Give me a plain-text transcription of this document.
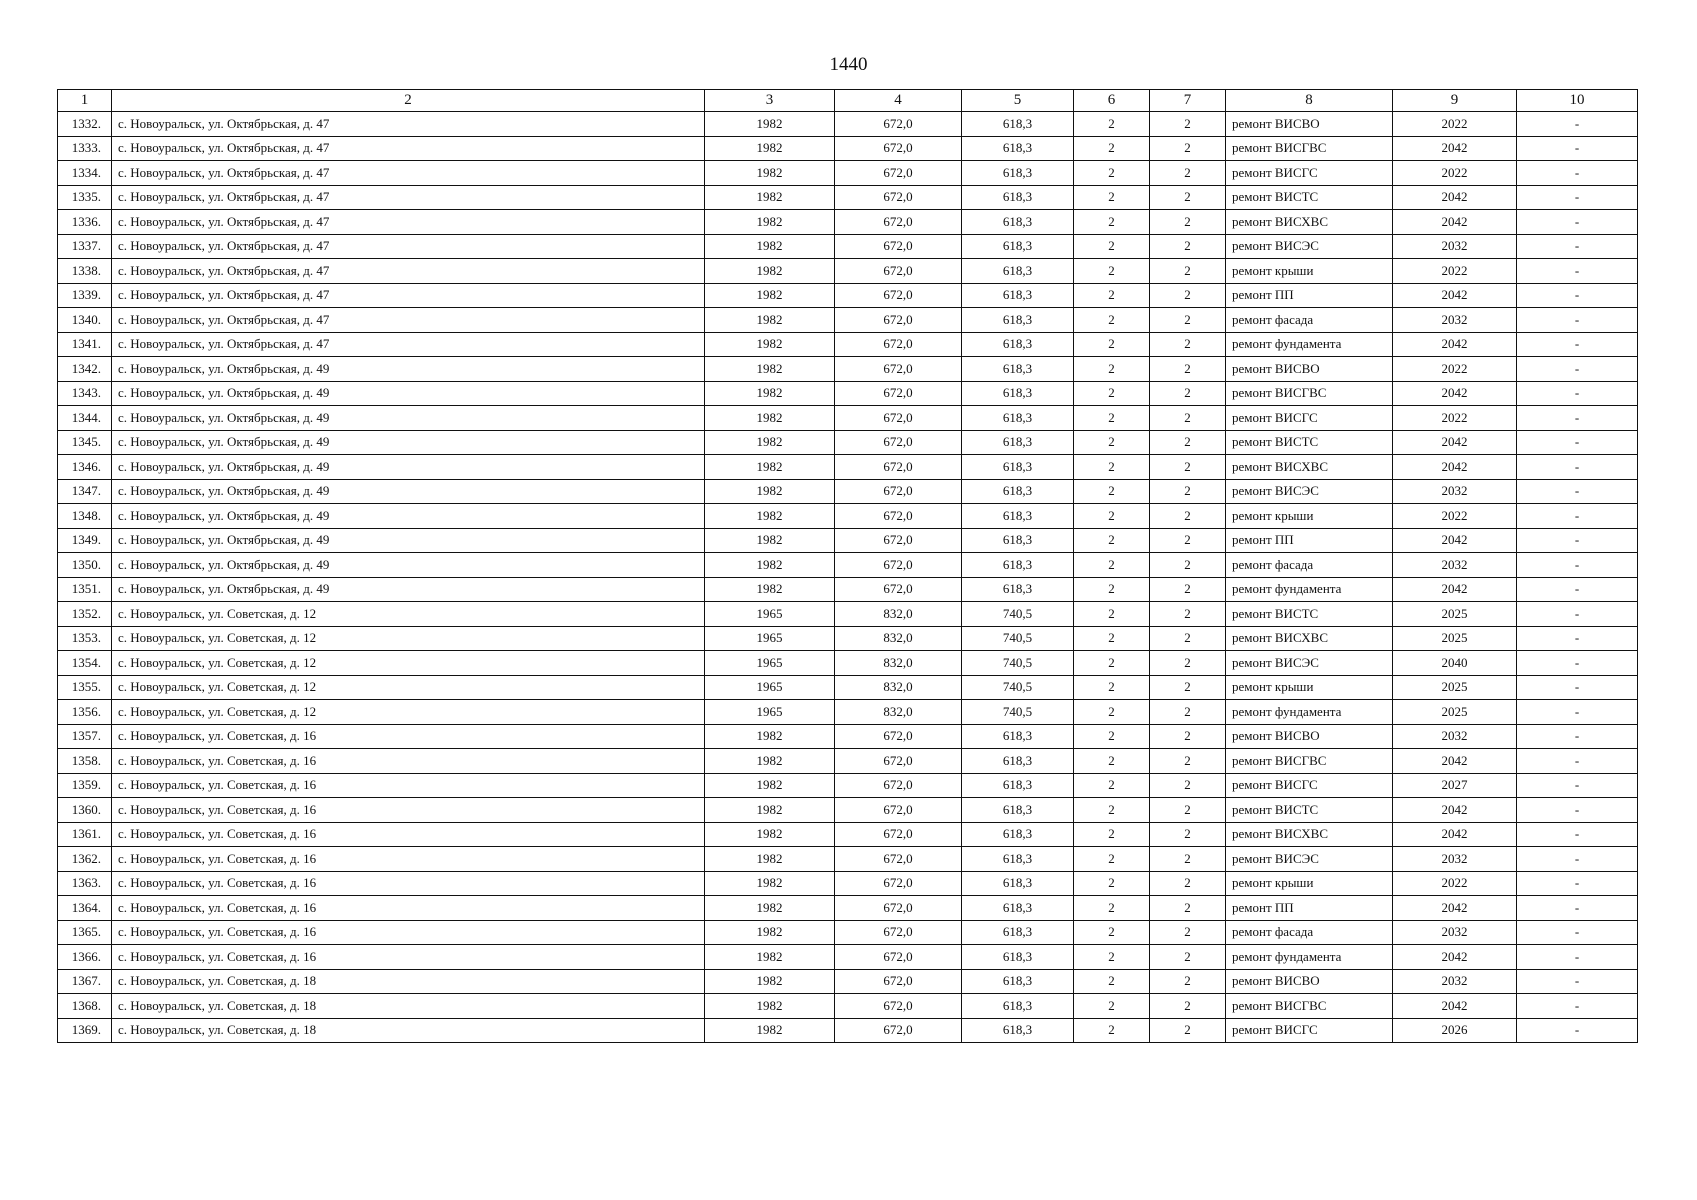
1440
1	2	3	4	5	6	7	8	9	10
1332.	с. Новоуральск, ул. Октябрьская, д. 47	1982	672,0	618,3	2	2	ремонт ВИСВО	2022	-
1333.	с. Новоуральск, ул. Октябрьская, д. 47	1982	672,0	618,3	2	2	ремонт ВИСГВС	2042	-
1334.	с. Новоуральск, ул. Октябрьская, д. 47	1982	672,0	618,3	2	2	ремонт ВИСГС	2022	-
1335.	с. Новоуральск, ул. Октябрьская, д. 47	1982	672,0	618,3	2	2	ремонт ВИСТС	2042	-
1336.	с. Новоуральск, ул. Октябрьская, д. 47	1982	672,0	618,3	2	2	ремонт ВИСХВС	2042	-
1337.	с. Новоуральск, ул. Октябрьская, д. 47	1982	672,0	618,3	2	2	ремонт ВИСЭС	2032	-
1338.	с. Новоуральск, ул. Октябрьская, д. 47	1982	672,0	618,3	2	2	ремонт крыши	2022	-
1339.	с. Новоуральск, ул. Октябрьская, д. 47	1982	672,0	618,3	2	2	ремонт ПП	2042	-
1340.	с. Новоуральск, ул. Октябрьская, д. 47	1982	672,0	618,3	2	2	ремонт фасада	2032	-
1341.	с. Новоуральск, ул. Октябрьская, д. 47	1982	672,0	618,3	2	2	ремонт фундамента	2042	-
1342.	с. Новоуральск, ул. Октябрьская, д. 49	1982	672,0	618,3	2	2	ремонт ВИСВО	2022	-
1343.	с. Новоуральск, ул. Октябрьская, д. 49	1982	672,0	618,3	2	2	ремонт ВИСГВС	2042	-
1344.	с. Новоуральск, ул. Октябрьская, д. 49	1982	672,0	618,3	2	2	ремонт ВИСГС	2022	-
1345.	с. Новоуральск, ул. Октябрьская, д. 49	1982	672,0	618,3	2	2	ремонт ВИСТС	2042	-
1346.	с. Новоуральск, ул. Октябрьская, д. 49	1982	672,0	618,3	2	2	ремонт ВИСХВС	2042	-
1347.	с. Новоуральск, ул. Октябрьская, д. 49	1982	672,0	618,3	2	2	ремонт ВИСЭС	2032	-
1348.	с. Новоуральск, ул. Октябрьская, д. 49	1982	672,0	618,3	2	2	ремонт крыши	2022	-
1349.	с. Новоуральск, ул. Октябрьская, д. 49	1982	672,0	618,3	2	2	ремонт ПП	2042	-
1350.	с. Новоуральск, ул. Октябрьская, д. 49	1982	672,0	618,3	2	2	ремонт фасада	2032	-
1351.	с. Новоуральск, ул. Октябрьская, д. 49	1982	672,0	618,3	2	2	ремонт фундамента	2042	-
1352.	с. Новоуральск, ул. Советская, д. 12	1965	832,0	740,5	2	2	ремонт ВИСТС	2025	-
1353.	с. Новоуральск, ул. Советская, д. 12	1965	832,0	740,5	2	2	ремонт ВИСХВС	2025	-
1354.	с. Новоуральск, ул. Советская, д. 12	1965	832,0	740,5	2	2	ремонт ВИСЭС	2040	-
1355.	с. Новоуральск, ул. Советская, д. 12	1965	832,0	740,5	2	2	ремонт крыши	2025	-
1356.	с. Новоуральск, ул. Советская, д. 12	1965	832,0	740,5	2	2	ремонт фундамента	2025	-
1357.	с. Новоуральск, ул. Советская, д. 16	1982	672,0	618,3	2	2	ремонт ВИСВО	2032	-
1358.	с. Новоуральск, ул. Советская, д. 16	1982	672,0	618,3	2	2	ремонт ВИСГВС	2042	-
1359.	с. Новоуральск, ул. Советская, д. 16	1982	672,0	618,3	2	2	ремонт ВИСГС	2027	-
1360.	с. Новоуральск, ул. Советская, д. 16	1982	672,0	618,3	2	2	ремонт ВИСТС	2042	-
1361.	с. Новоуральск, ул. Советская, д. 16	1982	672,0	618,3	2	2	ремонт ВИСХВС	2042	-
1362.	с. Новоуральск, ул. Советская, д. 16	1982	672,0	618,3	2	2	ремонт ВИСЭС	2032	-
1363.	с. Новоуральск, ул. Советская, д. 16	1982	672,0	618,3	2	2	ремонт крыши	2022	-
1364.	с. Новоуральск, ул. Советская, д. 16	1982	672,0	618,3	2	2	ремонт ПП	2042	-
1365.	с. Новоуральск, ул. Советская, д. 16	1982	672,0	618,3	2	2	ремонт фасада	2032	-
1366.	с. Новоуральск, ул. Советская, д. 16	1982	672,0	618,3	2	2	ремонт фундамента	2042	-
1367.	с. Новоуральск, ул. Советская, д. 18	1982	672,0	618,3	2	2	ремонт ВИСВО	2032	-
1368.	с. Новоуральск, ул. Советская, д. 18	1982	672,0	618,3	2	2	ремонт ВИСГВС	2042	-
1369.	с. Новоуральск, ул. Советская, д. 18	1982	672,0	618,3	2	2	ремонт ВИСГС	2026	-
